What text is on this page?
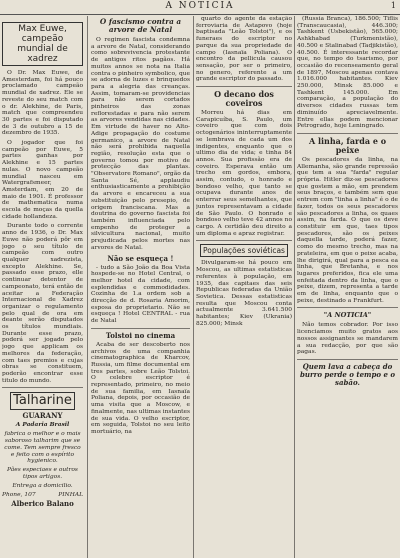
A NOTICIA	1
Max Euwe, campeão mundial de xadrez

O Dr. Max Euwe, de Amesterdam, foi há pouco proclamado campeão mundial de xadrez. Ele se reveste do seu match com o dr. Alekhine, de Paris, match que compreendeu 30 partes e foi disputado de 3 de outubro a 15 de dezembro de 1935.

O jogador que foi campeão por Euwe, 5 partes ganhas por Alekhine e 15 partes nulas. O novo campeão mundial nasceu em Watergrafsmeer, Amsterdam, em 20 de maio de 1901. É professor de mathematica numa escola de moças da quella cidade hollandeza.

Durante todo o corrente anno de 1936, o Dr. Max Euwe não poderá pôr em jogo o seu título de campeão com outro qualquer xadrezista, excepto Alekhine. Se, passado esse prazo, elle continuar detentor de campeonato, terá então de aceitar a Federação Internacional de Xadrez organizar o regulamento pelo qual de ora em deante serão disputados os títulos mundiais. Durante esse prazo, poderá ser jogado pelo jogo que applicam os melhores da federação, com taes premios e cujas obras se constituem, poderão encontrar esse titulo do mundo.

Talharine
GUARANY
A Padaria Brasil
fabrica o melhor e o mais saboroso talharim que se come. Tem sempre fresco e feito com o espírito hygienico.
Pães especiaes e outros tipos artigos.
Entrega a domicilio.
Phone, 107	PINHAL
Alberico Balano
O fascismo contra a arvore de Natal

O regimen fascista condemna a arvore de Natal, considerando como sobrevivencia protestante de antigos ritos pagãos. Há muitos annos se nota na Italia contra o pinheiro symbolico, que se adorna de luzes e brinquedos para a alegria das creanças. Assim, tomaram-se providencias para não serem cortados pinheiros das zonas reflorestadas e para não serem as arvores vendidas nas cidades. Em virtude de haver no Alto-Adige propagação do costume germanico, a arvore de Natal não será prohibida naquella região, resolução esta que o governo tomou por motivo de protecção das plantas. "Observatore Romano", orgão da Santa Sé, applaudiu enthusiasticamente a prohibição da arvore e encareceu a sua substituição pelo presepio, de origem franciscana. Mas a doutrina do governo fascista foi também influenciada pelo empenho de proteger a silvicultura nacional, muito prejudicada pelos mortes nas arvores de Natal.

Não se esqueça !

- tudo a São João da Boa Vista hospede-se no Hotel Central, o melhor hotel da cidade, com esplendidas e commodidades. Cozinha de 1.a ordem sob a direcção de d. Rosaria Amorim, esposa do proprietario. Não se esqueça ! Hotel CENTRAL - rua de Natal

Tolstoi no cinema

Acaba de ser descoberto nos archivos de uma companhia cinematographica de Kharcov, Russia, um filme documental em tres partes, sobre Leão Tolstoi. O celebre escriptor é representado, primeiro, no meio de sua familia, em Iasnaïa Poliana, depois, por occasião de uma visita que a Moscow, e finalmente, nas ultimas instantes de sua vida. O velho escriptor, em seguida, Tolstoi no seu leito mortuário, na

quarto do agente da estação ferroviaria de Astapovo (hoje baptisada "Leão Tolstoi"), e os funeraes do escriptor no parque da sua propriedade de campo (Iasnaïa Poliana). O encontro da pellicula causou sensação, por ser o primeiro, no genero, referente a um grande escriptor do passado.

O decano dos coveiros

Morreu há dias em Carapicuíba, S. Paulo, um coveiro que com dois octogenários ininterruptamente se lembrava de cada um dos indigentes, enquanto que o ultimo dia de vida; e tinha 84 annos. Sua profissão era de coveiro. Esperava então um trecho em gordos, embora, assim, contudo, o honrado e bondoso velho, que tanto se ocupava durante anos de enterrar seus semelhantes, que juntos representavam a cidade de São Paulo. O honrado e bondoso velho teve 42 annos no cargo. A certidão deu direito a um diploma e apraz registrar.

Populações soviéticas

Divulgaram-se há pouco em Moscou, as ultimas estatisticas referentes à população, em 1935, das capitaes das seis Republicas federadas da União Sovietica. Dessas estatisticas resulta que Moscou conta actualmente 3.641.500 habitantes; Kiev (Ukrania) 825.000; Minsk

(Russia Branca), 186.500; Tiflis (Transcaucasia), 446.300; Tashkent (Usbekistão), 565.000; Ashkhabad (Turkmenistão), 40.500 e Stalinabad (Tadjikistão), 40.500. É interessante recordar que, no tempo do tsarismo, por occasião do recenseamento geral de 1897, Moscou apenas contava 1.016.000 habitantes. Kiev 250.000, Minsk 85.000 e Tashkent 145.000. Em comparação, a população do diversos cidades russas tem diminuído apreciavelmente. Entre ellas podem mencionar Petrogrado, hoje Leningrado.

A linha, farda e o peixe

Os pescadores da linha, na Allemanha, são grande repressão que tem a sua "farda" regular própria. Hitler diz-se pescadores que gostem a mão, em prendem seus braços, e também sem que entrem com "linha a linha" é o de fazer, todos os seus pescadores são pescadores a linha, os quaes assim, na farda. O que os deve constituir em que, taes tipos pescadores, são os peixes daquella tarde, poderá fazer, como do mesmo trecho, mas na prateleira, em que o peixe acaba, lhe dirigirá, qual para a pesca ea linha, que Bretanha, e nos lugares preferidos, fica ele uma enfeitada dentro da linha, que o peixe, dizem, representa a tarde em de linha, enquanto que o peixe, destinado a Frankfurt.

"A NOTICIA"

Não temos cobrador. Por isso licenciamos muito gratos aos nossos assignantes se mandarem a sua redacção, por que são pagas.

Quem lava a cabeça do burro perde o tempo e o sabão.
